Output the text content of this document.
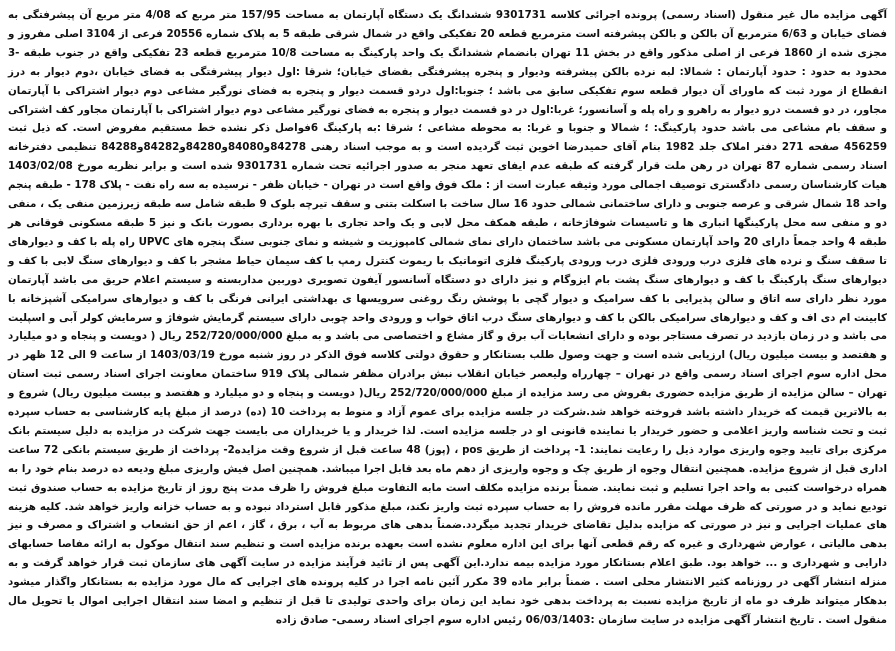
آگهی مزایده مال غیر منقول (اسناد رسمی) پرونده اجرائی کلاسه 9301731 ششدانگ یک دستگاه آپارتمان به مساحت 157/95 متر مربع که 4/08 متر مربع آن پیشرفتگی به فضای خیابان و 6/63 مترمربع آن بالکن و بالکن پیشرفته است مترمربع قطعه 20 تفکیکی واقع در شمال شرقی طبقه 5 به پلاک شماره 20556 فرعی از 3104 اصلی مفروز و مجزی شده از 1860 فرعی از اصلی مذکور واقع در بخش 11 تهران بانضمام ششدانگ یک واحد پارکینگ به مساحت 10/8 مترمربع قطعه 23 تفکیکی واقع در جنوب طبقه -3 محدود به حدود : حدود آپارتمان : شمالا: لبه نرده بالکن پیشرفته ودیوار و پنجره پیشرفتگی بفضای خیابان؛ شرقا :اول دیوار پیشرفتگی به فضای خیابان ،دوم دیوار به درز انقطاع از مورد ثبت که ماورای آن دیوار قطعه سوم تفکیکی سابق می باشد ؛ جنوبا:اول دردو قسمت دیوار و پنجره به فضای نورگیر مشاعی دوم دیوار اشتراکی با آپارتمان مجاور، در دو قسمت درو دیوار به راهرو و راه پله و آسانسور؛ غربا:اول در دو قسمت دیوار و پنجره به فضای نورگیر مشاعی دوم دیوار اشتراکی با آپارتمان مجاور کف اشتراکی و سقف بام مشاعی می باشد حدود پارکینگ: ؛ شمالا و جنوبا و غربا: به محوطه مشاعی ؛ شرقا :به پارکینگ 6فواصل ذکر نشده خط مستقیم مفروض است. که ذیل ثبت 456259 صفحه 271 دفتر املاک جلد 1982 بنام آقای حمیدرضا اخوین ثبت گردیده است و به موجب اسناد رهنی 84278و84080و84280و84282و84288 تنظیمی دفترخانه اسناد رسمی شماره 87 تهران در رهن ملت قرار گرفته که طبقه عدم ایفای تعهد منجر به صدور اجرائیه تحت شماره 9301731 شده است و برابر نظریه مورخ 1403/02/08 هیات کارشناسان رسمی دادگستری توصیف اجمالی مورد وثیقه عبارت است از : ملک فوق واقع است در تهران - خیابان ظفر - نرسیده به سه راه نفت - پلاک 178 - طبقه پنجم واحد 18 شمال شرقی و عرصه جنوبی و دارای ساختمانی شمالی حدود 16 سال ساخت با اسکلت بتنی و سقف تیرچه بلوک 9 طبقه شامل سه طبقه زیرزمین منفی یک ، منفی دو و منفی سه محل پارکینگها انباری ها و تاسیسات شوفاژخانه ، طبقه همکف محل لابی و یک واحد تجاری با بهره برداری بصورت بانک و نیز 5 طبقه مسکونی فوقانی هر طبقه 4 واحد جمعاً دارای 20 واحد آپارتمان مسکونی می باشد ساختمان دارای نمای شمالی کامپوزیت و شیشه و نمای جنوبی سنگ پنجره های UPVC راه پله با کف و دیوارهای تا سقف سنگ و نرده های فلزی درب ورودی فلزی درب ورودی پارکینگ فلزی اتوماتیک با ریموت کنترل رمپ با کف سیمان حیاط مشجر با کف و دیوارهای سنگ لابی با کف و دیوارهای سنگ پارکینگ با کف و دیوارهای سنگ پشت بام ایزوگام و نیز دارای دو دستگاه آسانسور آیفون تصویری دوربین مداربسته و سیستم اعلام حریق می باشد آپارتمان مورد نظر دارای سه اتاق و سالن پذیرایی با کف سرامیک و دیوار گچی با پوشش رنگ روغنی سرویسها ی بهداشتی ایرانی فرنگی با کف و دیوارهای سرامیکی آشپزخانه با کابینت ام دی اف و کف و دیوارهای سرامیکی بالکن با کف و دیوارهای سنگ درب اتاق خواب و ورودی واحد چوبی دارای سیستم گرمایش شوفاژ و سرمایش کولر آبی و اسپلیت می باشد و در زمان بازدید در تصرف مستاجر بوده و دارای انشعابات آب برق و گاز مشاع و اختصاصی می باشد و به مبلغ 252/720/000/000 ریال ( دویست و پنجاه و دو میلیارد و هفتصد و بیست میلیون ریال) ارزیابی شده است و جهت وصول طلب بستانکار و حقوق دولتی کلاسه فوق الذکر در روز شنبه مورخ 1403/03/19 از ساعت 9 الی 12 ظهر در محل اداره سوم اجرای اسناد رسمی واقع در تهران – چهارراه ولیعصر خیابان انقلاب نبش برادران مظفر شمالی پلاک 919 ساختمان معاونت اجرای اسناد رسمی ثبت استان تهران – سالن مزایده از طریق مزایده حضوری بفروش می رسد مزایده از مبلغ 252/720/000/000 ریال( دویست و پنجاه و دو میلیارد و هفتصد و بیست میلیون ریال) شروع و به بالاترین قیمت که خریدار داشته باشد فروخته خواهد شد.شرکت در جلسه مزایده برای عموم آزاد و منوط به پرداخت 10 (ده) درصد از مبلغ پایه کارشناسی به حساب سپرده ثبت و تحت شناسه واریز اعلامی و حضور خریدار یا نماینده قانونی او در جلسه مزایده است. لذا خریدار و یا خریداران می بایست جهت شرکت در مزایده به دلیل سیستم بانک مرکزی برای تایید وجوه واریزی موارد ذیل را رعایت نمایند: 1- پرداخت از طریق pos ، (پوز) 48 ساعت قبل از شروع وقت مزایده2- پرداخت از طریق سیستم بانکی 72 ساعت اداری قبل از شروع مزایده. همچنین انتقال وجوه از طریق چک و وجوه واریزی از دهم ماه بعد قابل اجرا میباشد. همچنین اصل فیش واریزی مبلغ ودیعه ده درصد بنام خود را به همراه درخواست کتبی به واحد اجرا تسلیم و ثبت نمایند. ضمناً برنده مزایده مکلف است مابه التفاوت مبلغ فروش را ظرف مدت پنج روز از تاریخ مزایده به حساب صندوق ثبت تودیع نماید و در صورتی که ظرف مهلت مقرر مانده فروش را به حساب سپرده ثبت واریز نکند، مبلغ مذکور قابل استرداد نبوده و به حساب خزانه واریز خواهد شد. کلیه هزینه های عملیات اجرایی و نیز در صورتی که مزایده بدلیل تقاضای خریدار تجدید میگردد.ضمناً بدهی های مربوط به آب ، برق ، گاز ، اعم از حق انشعاب و اشتراک و مصرف و نیز بدهی مالیاتی ، عوارض شهرداری و غیره که رقم قطعی آنها برای این اداره معلوم نشده است بعهده برنده مزایده است و تنظیم سند انتقال موکول به ارائه مفاصا حسابهای دارایی و شهرداری و ... خواهد بود. طبق اعلام بستانکار مورد مزایده بیمه ندارد.این آگهی پس از تائید فرآیند مزایده در سایت آگهی های سازمان ثبت قرار خواهد گرفت و به منزله انتشار آگهی در روزنامه کثیر الانتشار محلی است . ضمناً برابر ماده 39 مکرر آئین نامه اجرا در کلیه پرونده های اجرایی که مال مورد مزایده به بستانکار واگذار میشود بدهکار میتواند ظرف دو ماه از تاریخ مزایده نسبت به پرداخت بدهی خود نماید این زمان برای واحدی تولیدی تا قبل از تنظیم و امضا سند انتقال اجرایی اموال یا تحویل مال منقول است . تاریخ انتشار آگهی مزایده در سایت سازمان :06/03/1403 رئیس اداره سوم اجرای اسناد رسمی- صادق زاده
